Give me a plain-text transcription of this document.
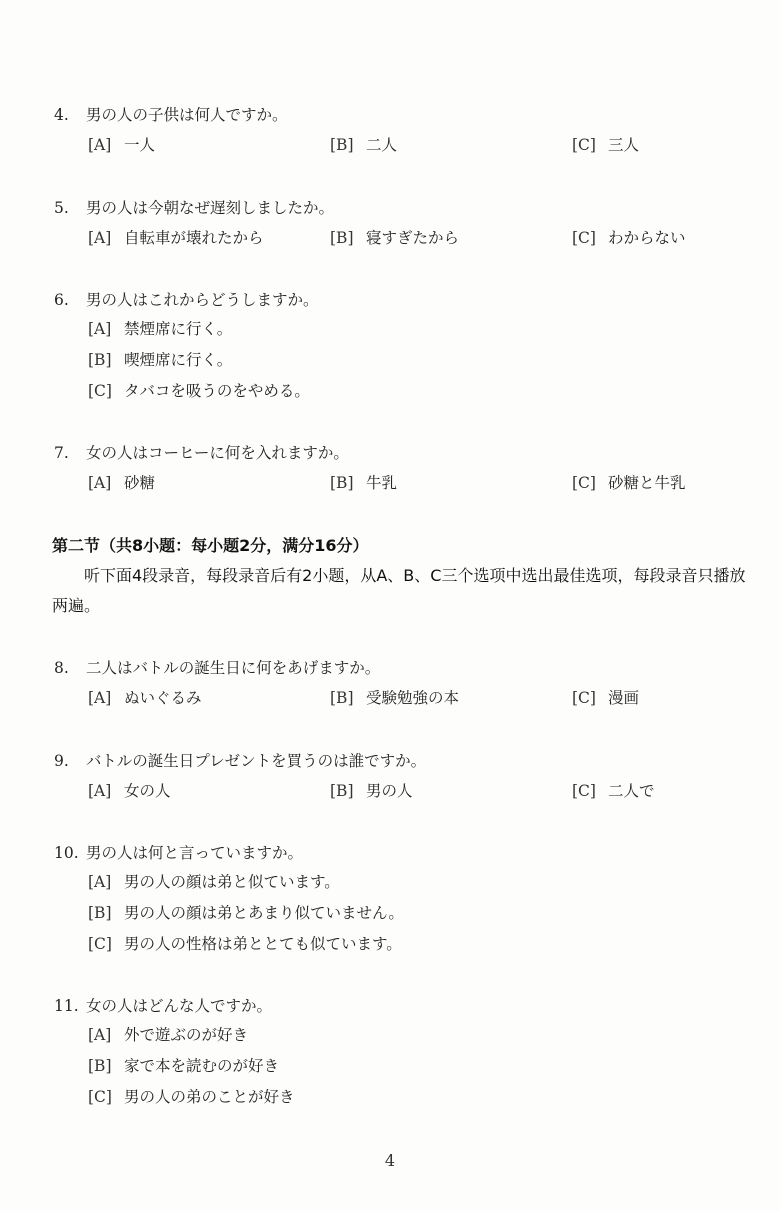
4. 男の人の子供は何人ですか。
[A] 一人	[B] 二人	[C] 三人
5. 男の人は今朝なぜ遅刻しましたか。
[A] 自転車が壊れたから	[B] 寝すぎたから	[C] わからない
6. 男の人はこれからどうしますか。
[A] 禁煙席に行く。
[B] 喫煙席に行く。
[C] タバコを吸うのをやめる。
7. 女の人はコーヒーに何を入れますか。
[A] 砂糖	[B] 牛乳	[C] 砂糖と牛乳
第二节（共8小题：每小题2分，满分16分）
听下面4段录音，每段录音后有2小题，从A、B、C三个选项中选出最佳选项，每段录音只播放两遍。
8. 二人はバトルの誕生日に何をあげますか。
[A] ぬいぐるみ	[B] 受験勉強の本	[C] 漫画
9. バトルの誕生日プレゼントを買うのは誰ですか。
[A] 女の人	[B] 男の人	[C] 二人で
10. 男の人は何と言っていますか。
[A] 男の人の顔は弟と似ています。
[B] 男の人の顔は弟とあまり似ていません。
[C] 男の人の性格は弟ととても似ています。
11. 女の人はどんな人ですか。
[A] 外で遊ぶのが好き
[B] 家で本を読むのが好き
[C] 男の人の弟のことが好き
4
